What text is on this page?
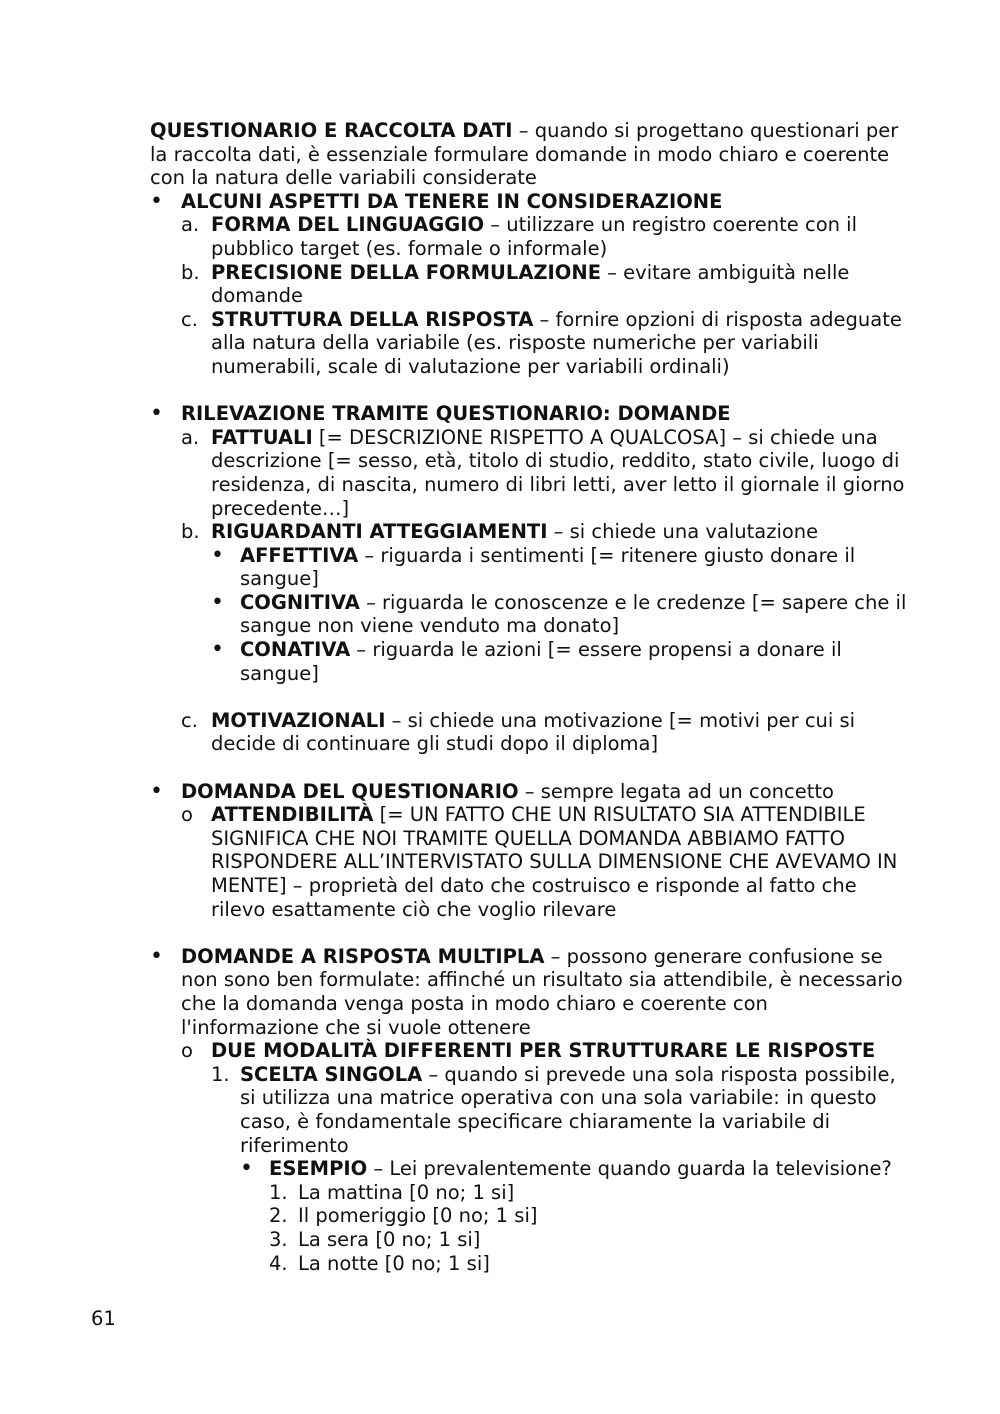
QUESTIONARIO E RACCOLTA DATI – quando si progettano questionari per la raccolta dati, è essenziale formulare domande in modo chiaro e coerente con la natura delle variabili considerate

• ALCUNI ASPETTI DA TENERE IN CONSIDERAZIONE
a. FORMA DEL LINGUAGGIO – utilizzare un registro coerente con il pubblico target (es. formale o informale)
b. PRECISIONE DELLA FORMULAZIONE – evitare ambiguità nelle domande
c. STRUTTURA DELLA RISPOSTA – fornire opzioni di risposta adeguate alla natura della variabile (es. risposte numeriche per variabili numerabili, scale di valutazione per variabili ordinali)
• RILEVAZIONE TRAMITE QUESTIONARIO: DOMANDE
a. FATTUALI [= DESCRIZIONE RISPETTO A QUALCOSA] – si chiede una descrizione [= sesso, età, titolo di studio, reddito, stato civile, luogo di residenza, di nascita, numero di libri letti, aver letto il giornale il giorno precedente…]
b. RIGUARDANTI ATTEGGIAMENTI – si chiede una valutazione
• AFFETTIVA – riguarda i sentimenti [= ritenere giusto donare il sangue]
• COGNITIVA – riguarda le conoscenze e le credenze [= sapere che il sangue non viene venduto ma donato]
• CONATIVA – riguarda le azioni [= essere propensi a donare il sangue]
c. MOTIVAZIONALI – si chiede una motivazione [= motivi per cui si decide di continuare gli studi dopo il diploma]
• DOMANDA DEL QUESTIONARIO – sempre legata ad un concetto
o ATTENDIBILITÀ [= UN FATTO CHE UN RISULTATO SIA ATTENDIBILE SIGNIFICA CHE NOI TRAMITE QUELLA DOMANDA ABBIAMO FATTO RISPONDERE ALL’INTERVISTATO SULLA DIMENSIONE CHE AVEVAMO IN MENTE] – proprietà del dato che costruisco e risponde al fatto che rilevo esattamente ciò che voglio rilevare
• DOMANDE A RISPOSTA MULTIPLA – possono generare confusione se non sono ben formulate: affinché un risultato sia attendibile, è necessario che la domanda venga posta in modo chiaro e coerente con l'informazione che si vuole ottenere
o DUE MODALITÀ DIFFERENTI PER STRUTTURARE LE RISPOSTE
1. SCELTA SINGOLA – quando si prevede una sola risposta possibile, si utilizza una matrice operativa con una sola variabile: in questo caso, è fondamentale specificare chiaramente la variabile di riferimento
• ESEMPIO – Lei prevalentemente quando guarda la televisione?
1. La mattina [0 no; 1 si]
2. Il pomeriggio [0 no; 1 si]
3. La sera [0 no; 1 si]
4. La notte [0 no; 1 si]
61
